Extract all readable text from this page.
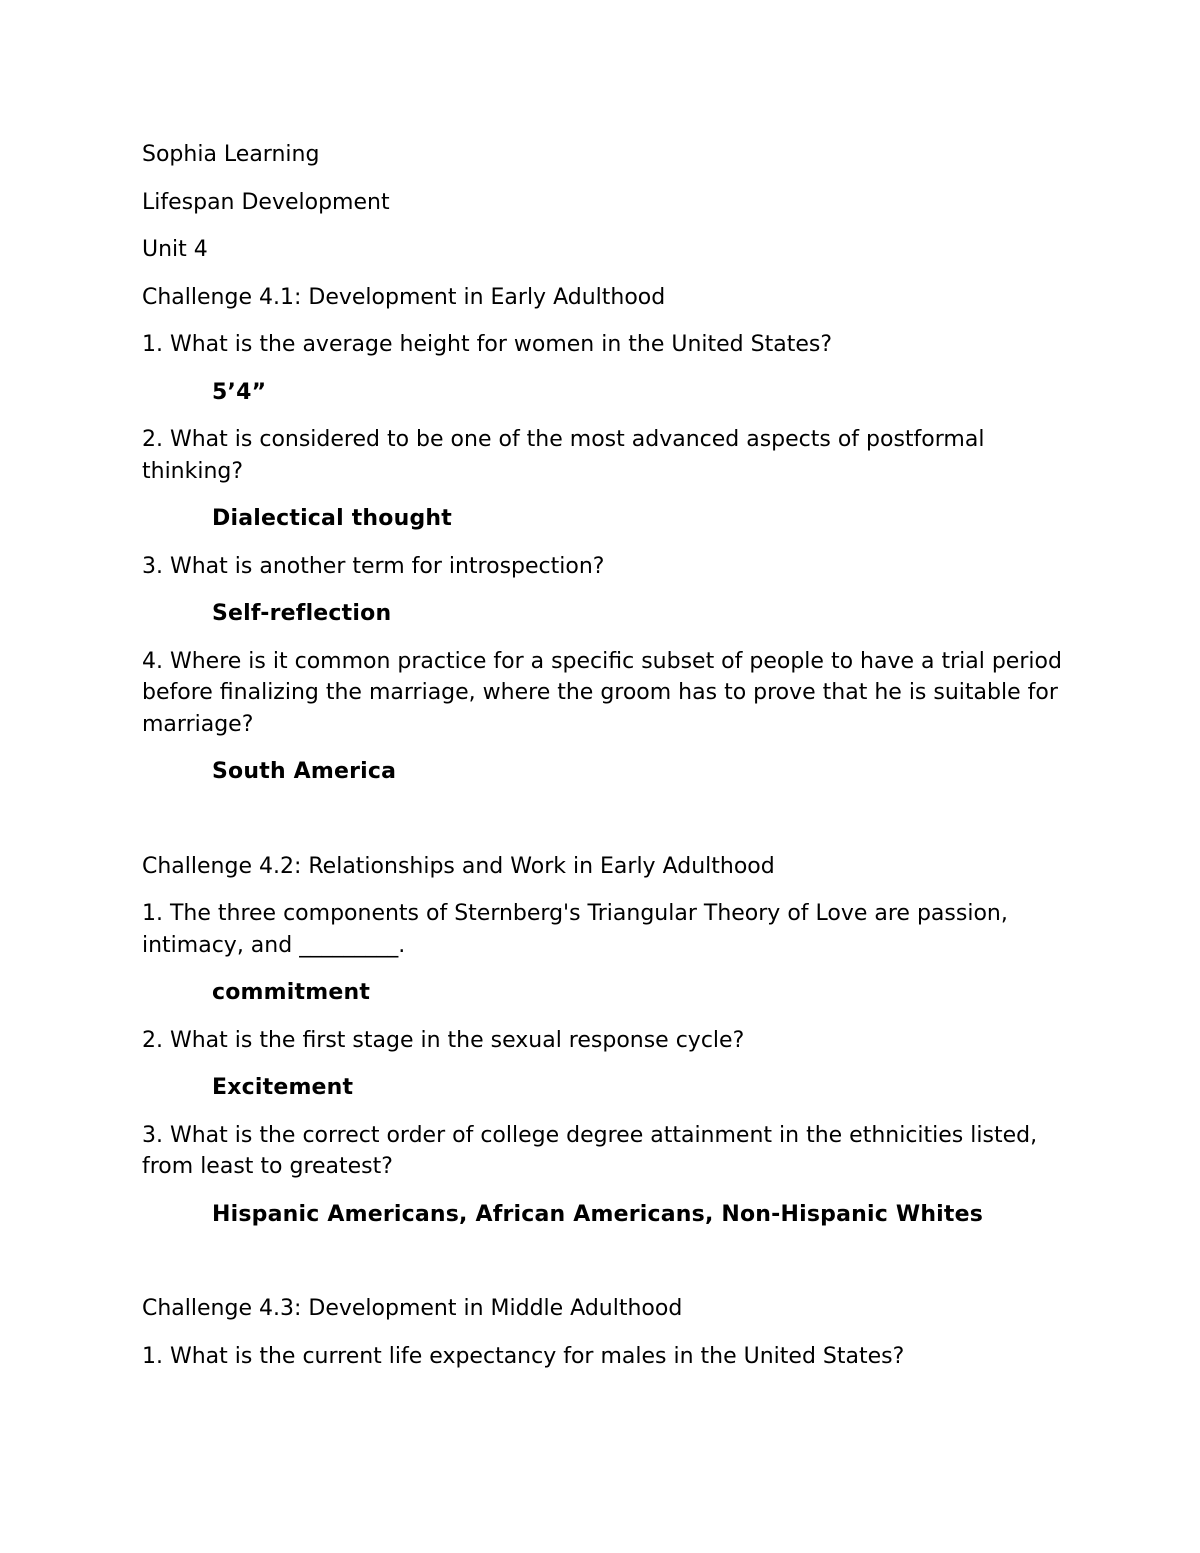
Sophia Learning

Lifespan Development

Unit 4

Challenge 4.1: Development in Early Adulthood

1. What is the average height for women in the United States?

5’4”

2. What is considered to be one of the most advanced aspects of postformal thinking?

Dialectical thought

3. What is another term for introspection?

Self-reflection

4. Where is it common practice for a specific subset of people to have a trial period before finalizing the marriage, where the groom has to prove that he is suitable for marriage?

South America

Challenge 4.2: Relationships and Work in Early Adulthood

1. The three components of Sternberg's Triangular Theory of Love are passion, intimacy, and _________.

commitment

2. What is the first stage in the sexual response cycle?

Excitement

3. What is the correct order of college degree attainment in the ethnicities listed, from least to greatest?

Hispanic Americans, African Americans, Non-Hispanic Whites

Challenge 4.3: Development in Middle Adulthood

1. What is the current life expectancy for males in the United States?
